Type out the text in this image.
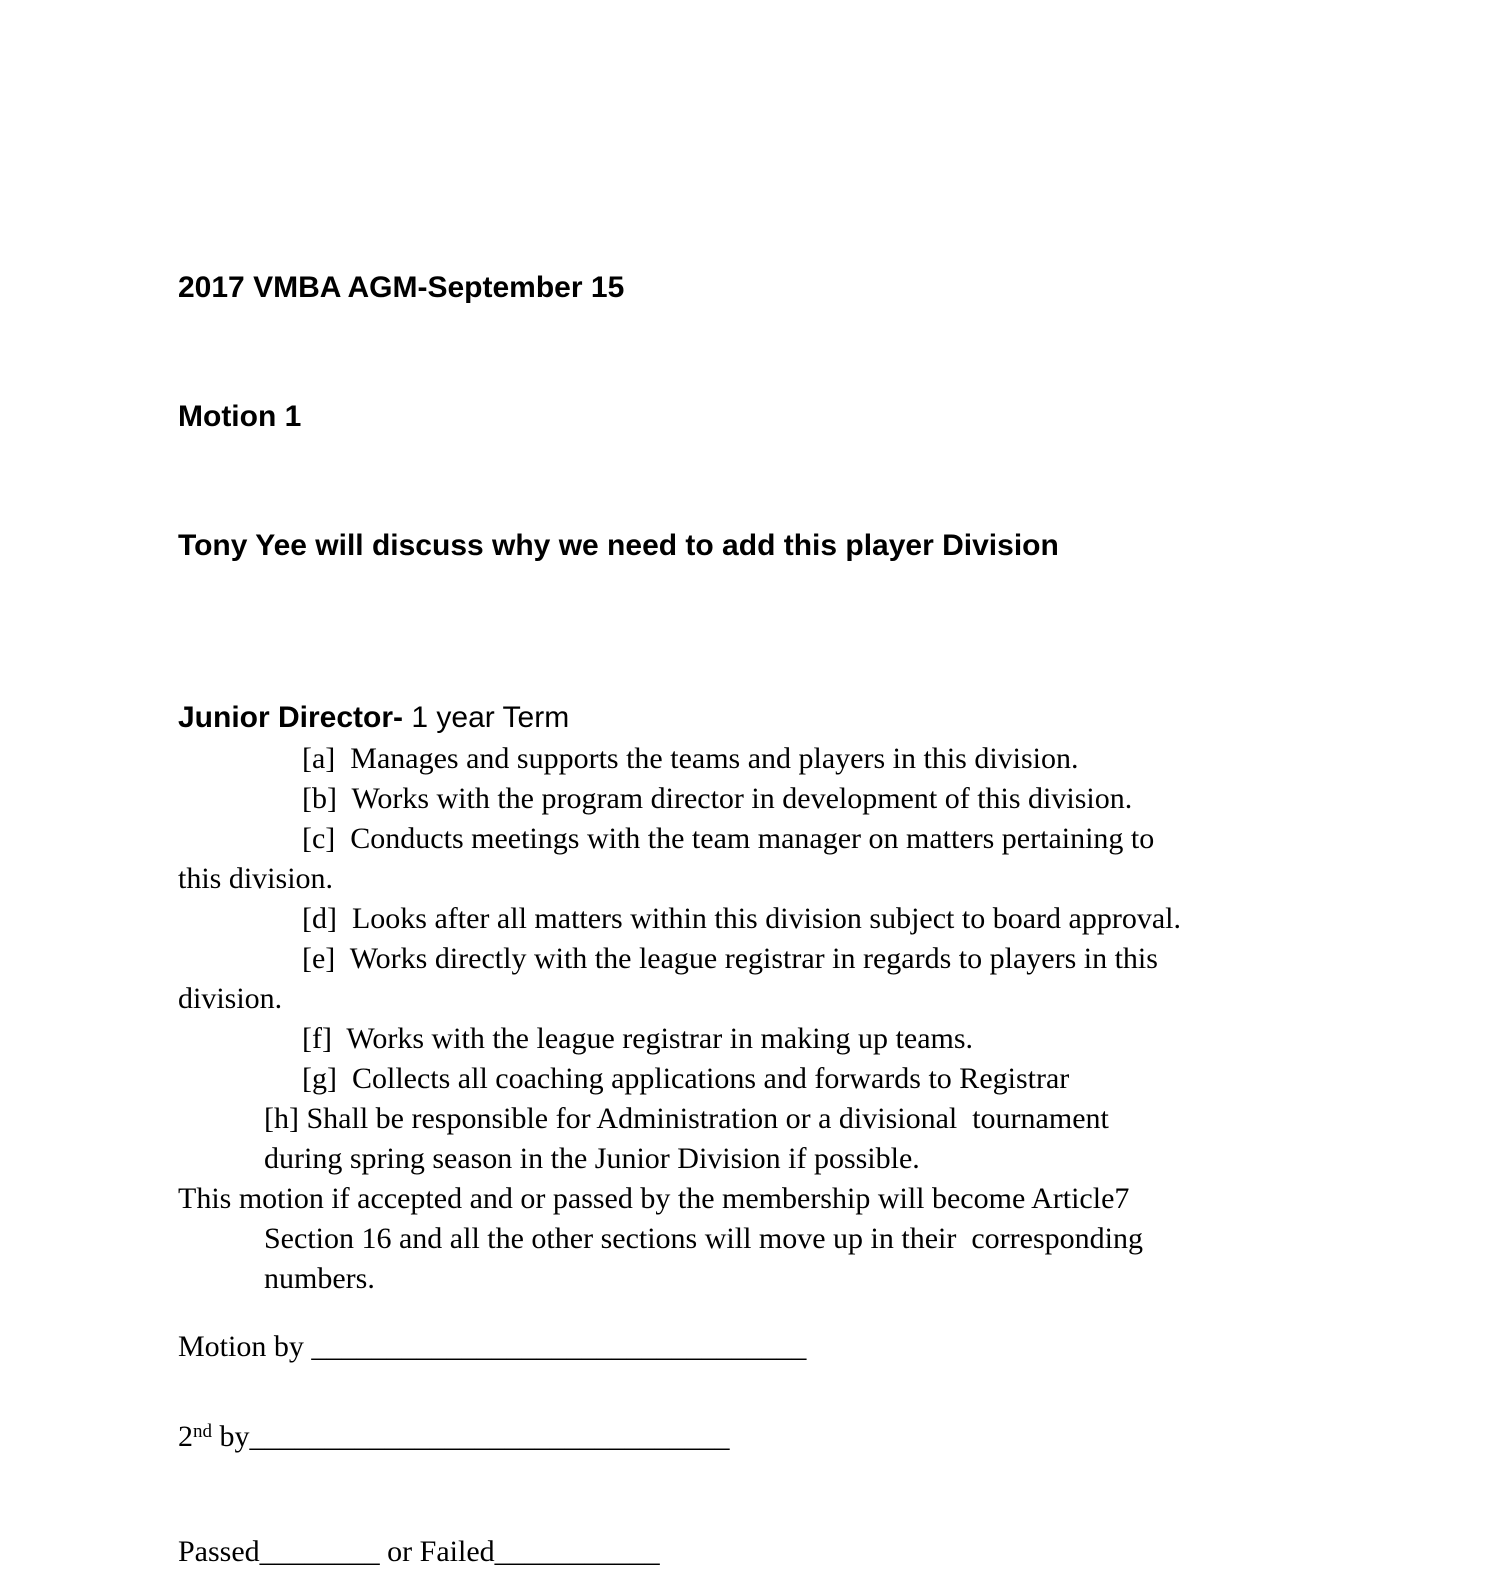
2017 VMBA AGM-September 15

Motion 1

Tony Yee will discuss why we need to add this player Division

Junior Director- 1 year Term
[a]  Manages and supports the teams and players in this division.
[b]  Works with the program director in development of this division.
[c]  Conducts meetings with the team manager on matters pertaining to
this division.
[d]  Looks after all matters within this division subject to board approval.
[e]  Works directly with the league registrar in regards to players in this
division.
[f]  Works with the league registrar in making up teams.
[g]  Collects all coaching applications and forwards to Registrar
[h] Shall be responsible for Administration or a divisional  tournament
during spring season in the Junior Division if possible.
This motion if accepted and or passed by the membership will become Article7
Section 16 and all the other sections will move up in their  corresponding
numbers.
Motion by _________________________________
2nd by________________________________
Passed________ or Failed___________
